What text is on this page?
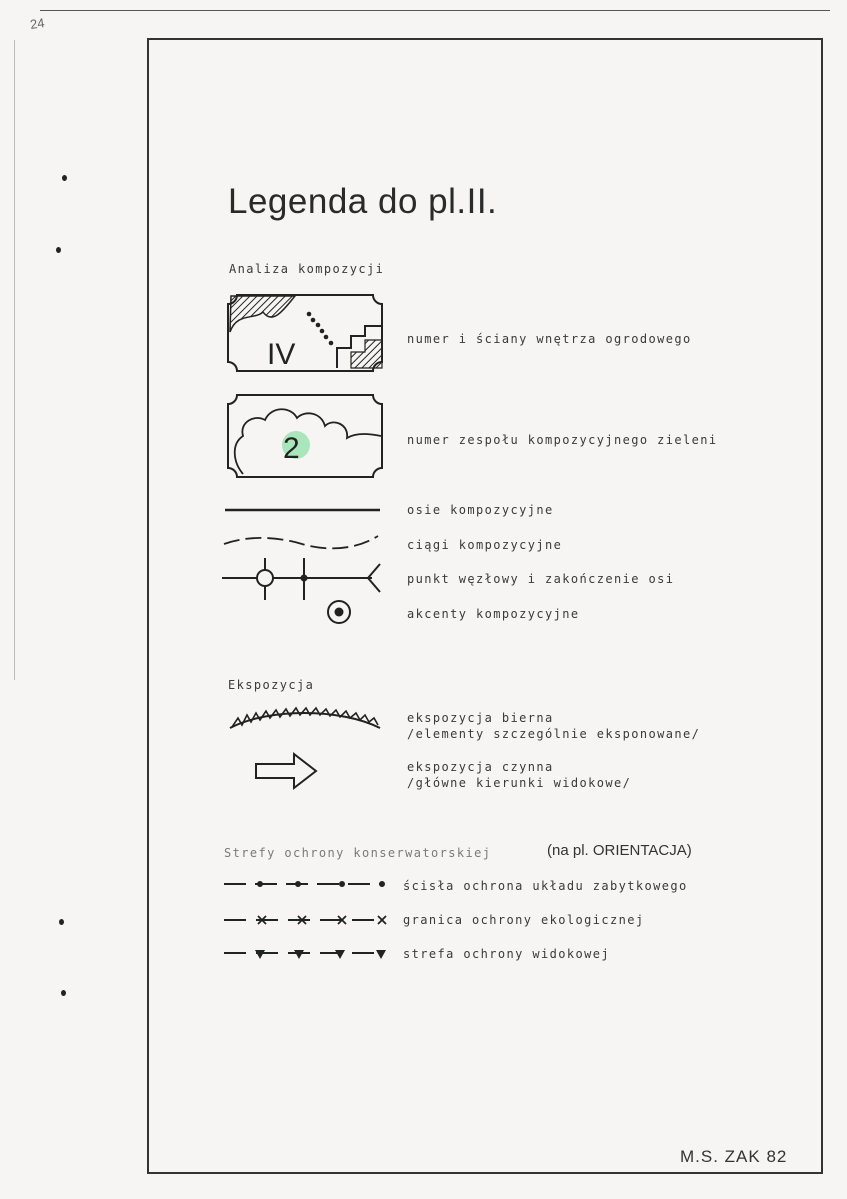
24
Legenda do pl.II.
Analiza kompozycji
IV	numer i ściany wnętrza ogrodowego
2	numer zespołu kompozycyjnego zieleni
osie kompozycyjne
ciągi kompozycyjne
punkt węzłowy i zakończenie osi
akcenty kompozycyjne
Ekspozycja
ekspozycja bierna
/elementy szczególnie eksponowane/
ekspozycja czynna
/główne kierunki widokowe/
Strefy ochrony konserwatorskiej	(na pl. ORIENTACJA)
ścisła ochrona układu zabytkowego
granica ochrony ekologicznej
strefa ochrony widokowej
M.S. ZAK 82
